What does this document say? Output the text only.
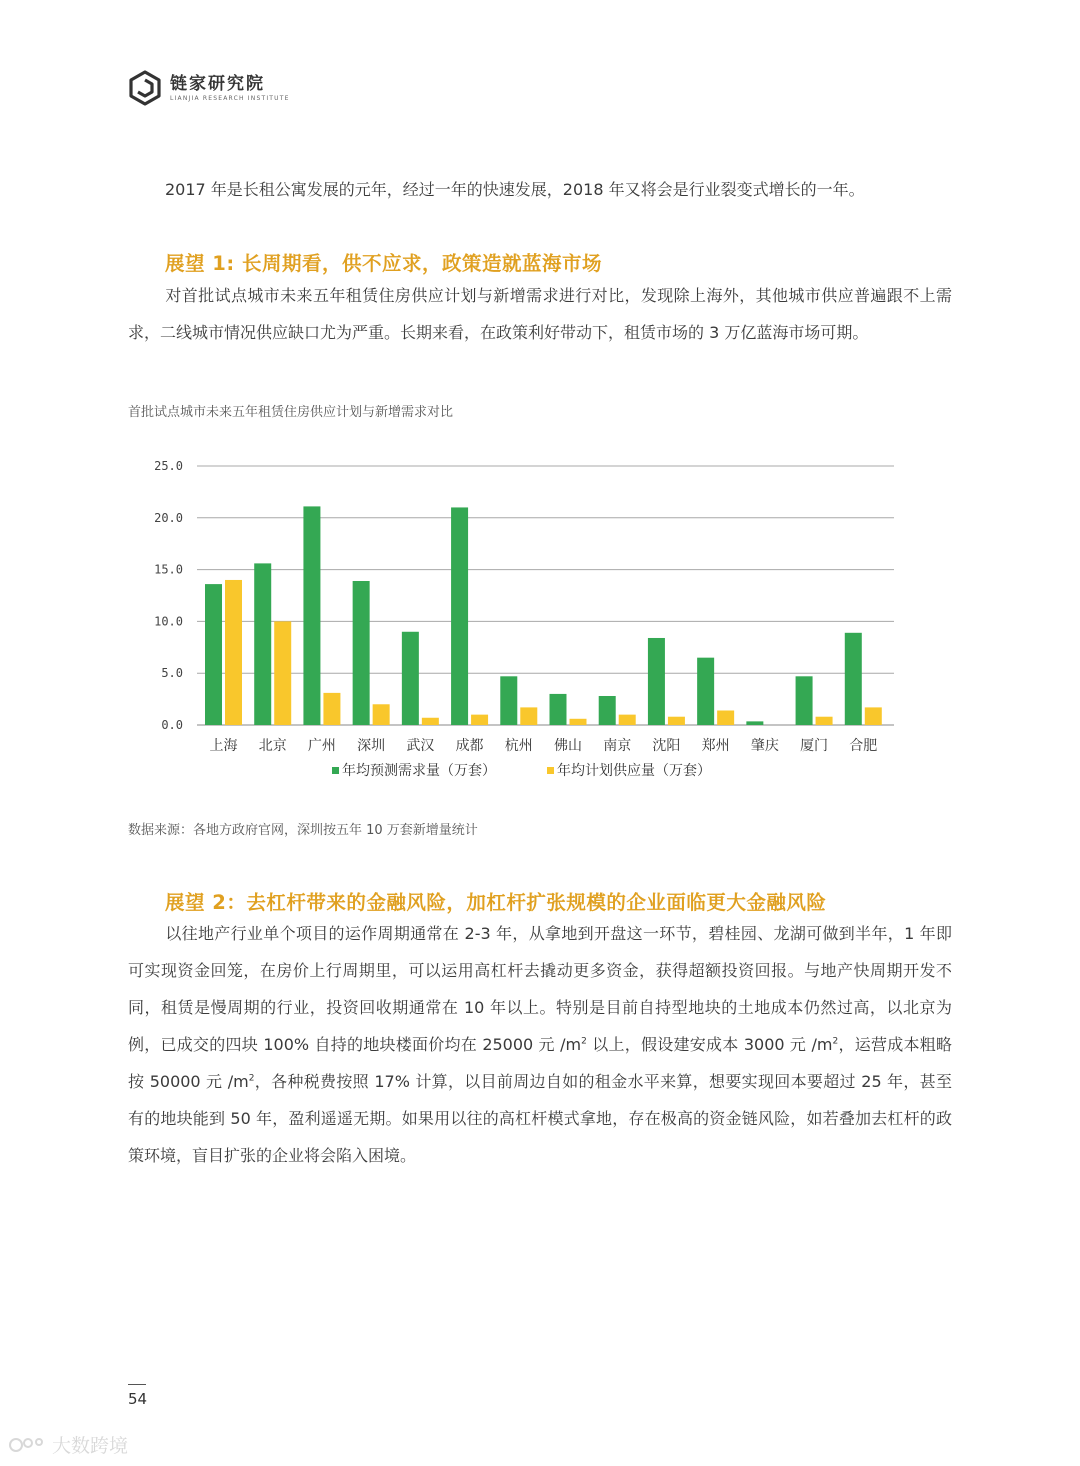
链家研究院
LIANJIA RESEARCH INSTITUTE
2017 年是长租公寓发展的元年，经过一年的快速发展，2018 年又将会是行业裂变式增长的一年。
展望 1: 长周期看，供不应求，政策造就蓝海市场
对首批试点城市未来五年租赁住房供应计划与新增需求进行对比，发现除上海外，其他城市供应普遍跟不上需求，二线城市情况供应缺口尤为严重。长期来看，在政策利好带动下，租赁市场的 3 万亿蓝海市场可期。
首批试点城市未来五年租赁住房供应计划与新增需求对比
0.0
5.0
10.0
15.0
20.0
25.0
上海 北京 广州 深圳 武汉 成都 杭州 佛山 南京 沈阳 郑州 肇庆 厦门 合肥
年均预测需求量（万套）	年均计划供应量（万套）
数据来源：各地方政府官网，深圳按五年 10 万套新增量统计
展望 2：去杠杆带来的金融风险，加杠杆扩张规模的企业面临更大金融风险
以往地产行业单个项目的运作周期通常在 2-3 年，从拿地到开盘这一环节，碧桂园、龙湖可做到半年，1 年即可实现资金回笼，在房价上行周期里，可以运用高杠杆去撬动更多资金，获得超额投资回报。与地产快周期开发不同，租赁是慢周期的行业，投资回收期通常在 10 年以上。特别是目前自持型地块的土地成本仍然过高，以北京为例，已成交的四块 100% 自持的地块楼面价均在 25000 元 $/m^2$ 以上，假设建安成本 3000 元 $/m^2$，运营成本粗略按 50000 元 $/m^2$，各种税费按照 17% 计算，以目前周边自如的租金水平来算，想要实现回本要超过 25 年，甚至有的地块能到 50 年，盈利遥遥无期。如果用以往的高杠杆模式拿地，存在极高的资金链风险，如若叠加去杠杆的政策环境，盲目扩张的企业将会陷入困境。
54
大数跨境
